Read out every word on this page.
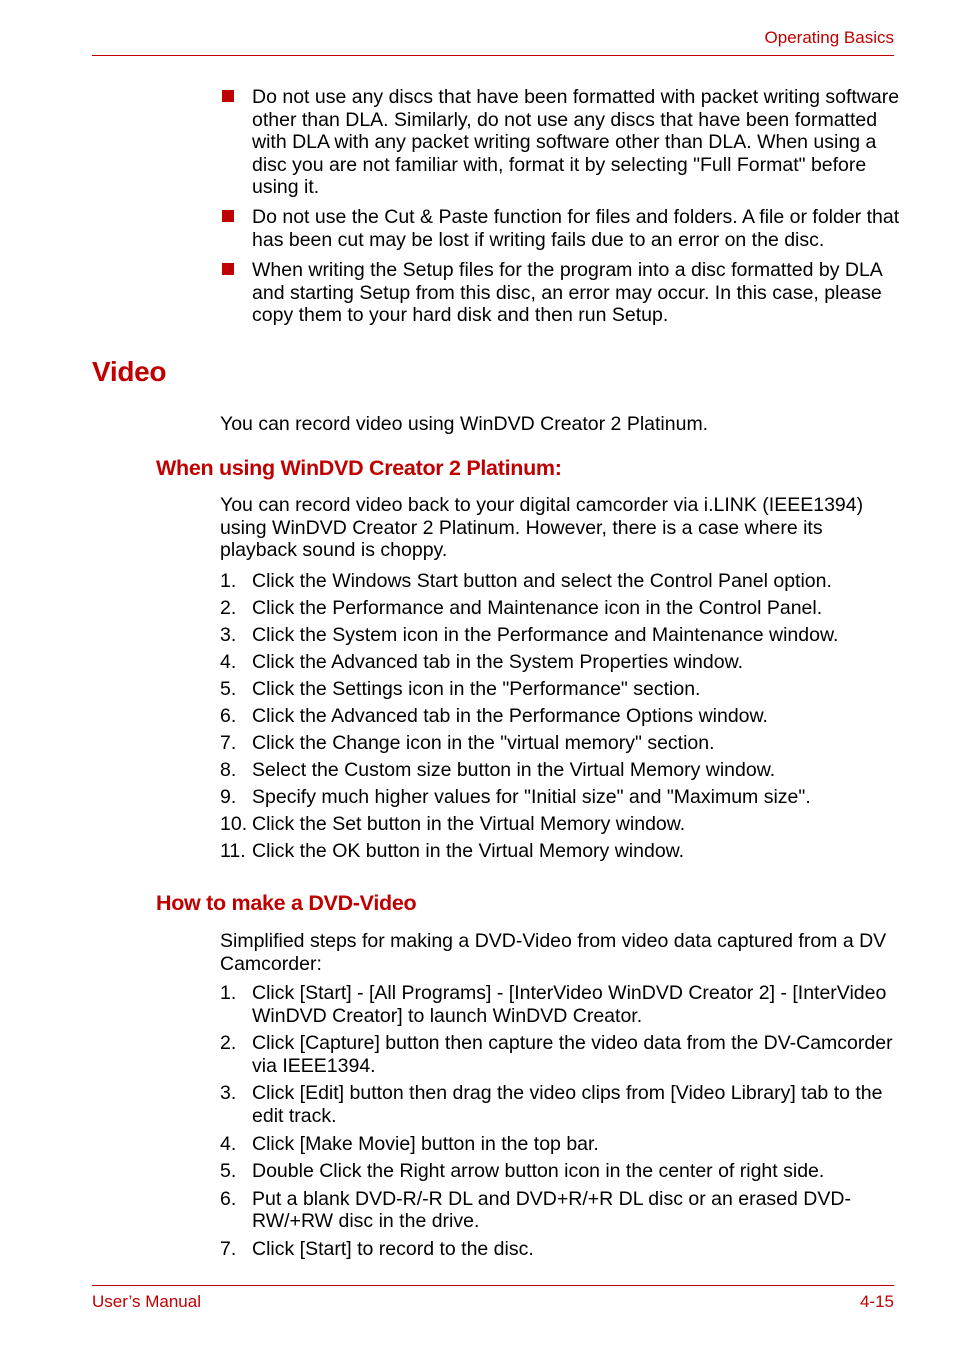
Operating Basics
Do not use any discs that have been formatted with packet writing software other than DLA. Similarly, do not use any discs that have been formatted with DLA with any packet writing software other than DLA. When using a disc you are not familiar with, format it by selecting "Full Format" before using it.
Do not use the Cut & Paste function for files and folders. A file or folder that has been cut may be lost if writing fails due to an error on the disc.
When writing the Setup files for the program into a disc formatted by DLA and starting Setup from this disc, an error may occur. In this case, please copy them to your hard disk and then run Setup.
Video

You can record video using WinDVD Creator 2 Platinum.

When using WinDVD Creator 2 Platinum:

You can record video back to your digital camcorder via i.LINK (IEEE1394) using WinDVD Creator 2 Platinum. However, there is a case where its playback sound is choppy.

1. Click the Windows Start button and select the Control Panel option.
2. Click the Performance and Maintenance icon in the Control Panel.
3. Click the System icon in the Performance and Maintenance window.
4. Click the Advanced tab in the System Properties window.
5. Click the Settings icon in the "Performance" section.
6. Click the Advanced tab in the Performance Options window.
7. Click the Change icon in the "virtual memory" section.
8. Select the Custom size button in the Virtual Memory window.
9. Specify much higher values for "Initial size" and "Maximum size".
10. Click the Set button in the Virtual Memory window.
11. Click the OK button in the Virtual Memory window.
How to make a DVD-Video

Simplified steps for making a DVD-Video from video data captured from a DV Camcorder:

1. Click [Start] - [All Programs] - [InterVideo WinDVD Creator 2] - [InterVideo WinDVD Creator] to launch WinDVD Creator.
2. Click [Capture] button then capture the video data from the DV-Camcorder via IEEE1394.
3. Click [Edit] button then drag the video clips from [Video Library] tab to the edit track.
4. Click [Make Movie] button in the top bar.
5. Double Click the Right arrow button icon in the center of right side.
6. Put a blank DVD-R/-R DL and DVD+R/+R DL disc or an erased DVD-RW/+RW disc in the drive.
7. Click [Start] to record to the disc.
User’s Manual	4-15
